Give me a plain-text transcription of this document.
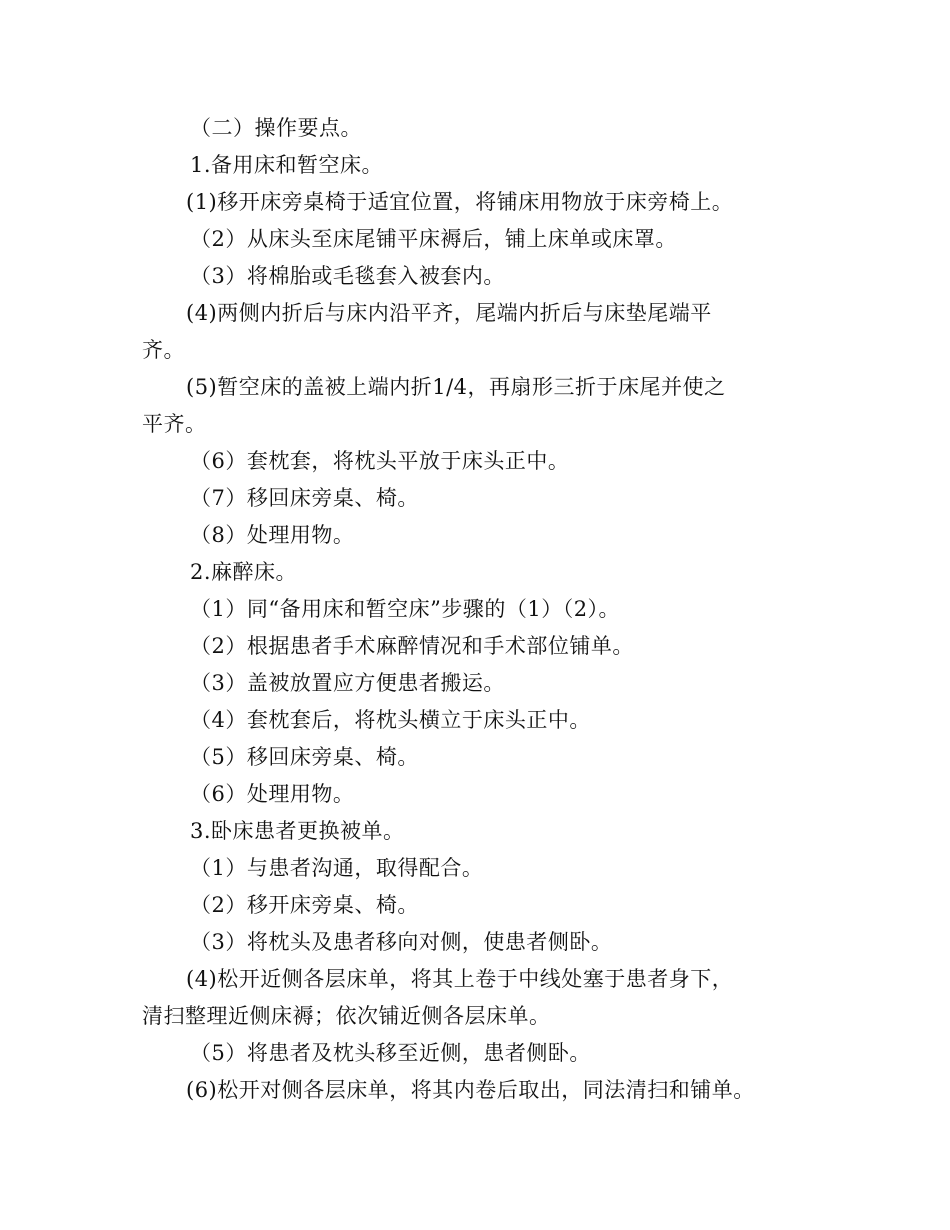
（二）操作要点。
1.备用床和暂空床。
(1)移开床旁桌椅于适宜位置，将铺床用物放于床旁椅上。
（2）从床头至床尾铺平床褥后，铺上床单或床罩。
（3）将棉胎或毛毯套入被套内。
(4)两侧内折后与床内沿平齐，尾端内折后与床垫尾端平
齐。
(5)暂空床的盖被上端内折1/4，再扇形三折于床尾并使之
平齐。
（6）套枕套，将枕头平放于床头正中。
（7）移回床旁桌、椅。
（8）处理用物。
2.麻醉床。
（1）同“备用床和暂空床”步骤的（1）（2）。
（2）根据患者手术麻醉情况和手术部位铺单。
（3）盖被放置应方便患者搬运。
（4）套枕套后，将枕头横立于床头正中。
（5）移回床旁桌、椅。
（6）处理用物。
3.卧床患者更换被单。
（1）与患者沟通，取得配合。
（2）移开床旁桌、椅。
（3）将枕头及患者移向对侧，使患者侧卧。
(4)松开近侧各层床单，将其上卷于中线处塞于患者身下，
清扫整理近侧床褥；依次铺近侧各层床单。
（5）将患者及枕头移至近侧，患者侧卧。
(6)松开对侧各层床单，将其内卷后取出，同法清扫和铺单。
